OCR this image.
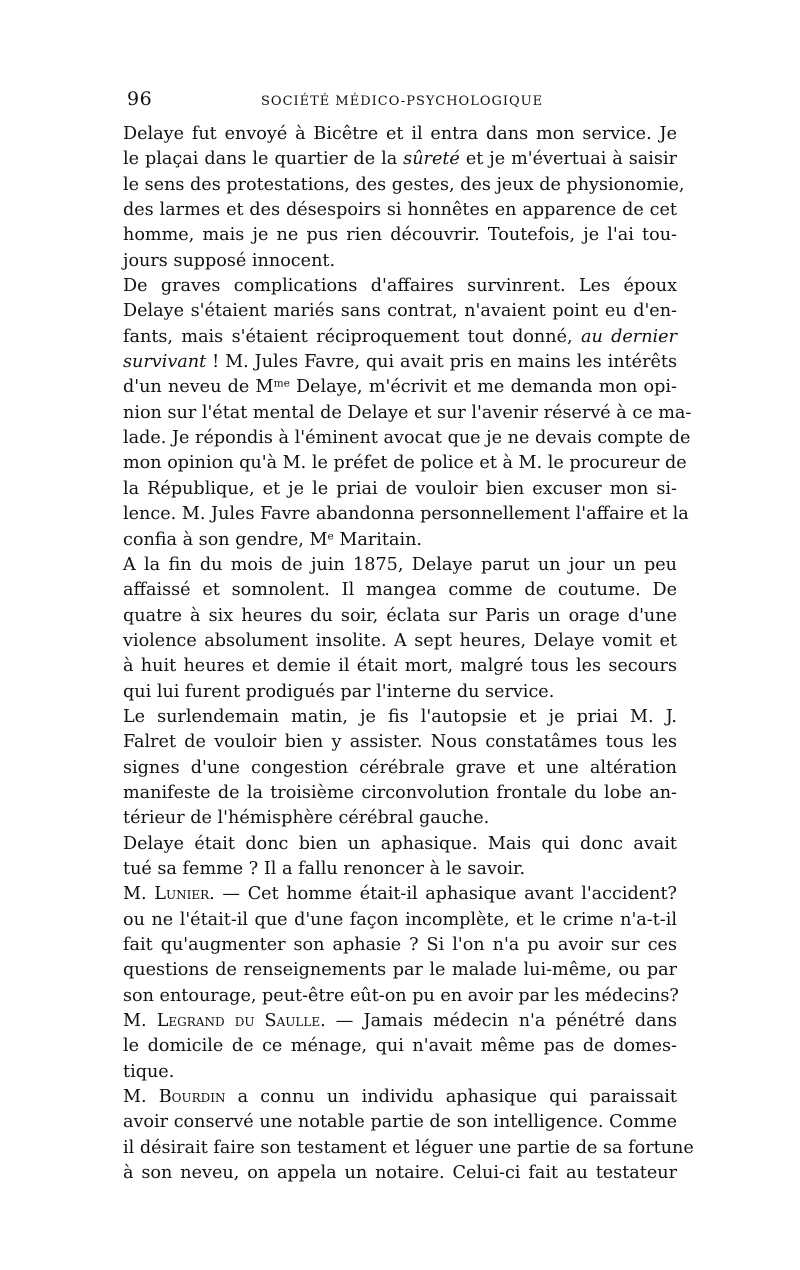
96	SOCIÉTÉ MÉDICO-PSYCHOLOGIQUE

Delaye fut envoyé à Bicêtre et il entra dans mon service. Je
le plaçai dans le quartier de la sûreté et je m'évertuai à saisir
le sens des protestations, des gestes, des jeux de physionomie,
des larmes et des désespoirs si honnêtes en apparence de cet
homme, mais je ne pus rien découvrir. Toutefois, je l'ai tou-
jours supposé innocent.

De graves complications d'affaires survinrent. Les époux
Delaye s'étaient mariés sans contrat, n'avaient point eu d'en-
fants, mais s'étaient réciproquement tout donné, au dernier
survivant ! M. Jules Favre, qui avait pris en mains les intérêts
d'un neveu de $M^{me}$ Delaye, m'écrivit et me demanda mon opi-
nion sur l'état mental de Delaye et sur l'avenir réservé à ce ma-
lade. Je répondis à l'éminent avocat que je ne devais compte de
mon opinion qu'à M. le préfet de police et à M. le procureur de
la République, et je le priai de vouloir bien excuser mon si-
lence. M. Jules Favre abandonna personnellement l'affaire et la
confia à son gendre, Me Maritain.

A la fin du mois de juin 1875, Delaye parut un jour un peu
affaissé et somnolent. Il mangea comme de coutume. De
quatre à six heures du soir, éclata sur Paris un orage d'une
violence absolument insolite. A sept heures, Delaye vomit et
à huit heures et demie il était mort, malgré tous les secours
qui lui furent prodigués par l'interne du service.

Le surlendemain matin, je fis l'autopsie et je priai M. J.
Falret de vouloir bien y assister. Nous constatâmes tous les
signes d'une congestion cérébrale grave et une altération
manifeste de la troisième circonvolution frontale du lobe an-
térieur de l'hémisphère cérébral gauche.

Delaye était donc bien un aphasique. Mais qui donc avait
tué sa femme ? Il a fallu renoncer à le savoir.

M. Lunier. — Cet homme était-il aphasique avant l'accident?
ou ne l'était-il que d'une façon incomplète, et le crime n'a-t-il
fait qu'augmenter son aphasie ? Si l'on n'a pu avoir sur ces
questions de renseignements par le malade lui-même, ou par
son entourage, peut-être eût-on pu en avoir par les médecins?

M. Legrand du Saulle. — Jamais médecin n'a pénétré dans
le domicile de ce ménage, qui n'avait même pas de domes-
tique.

M. Bourdin a connu un individu aphasique qui paraissait
avoir conservé une notable partie de son intelligence. Comme
il désirait faire son testament et léguer une partie de sa fortune
à son neveu, on appela un notaire. Celui-ci fait au testateur
